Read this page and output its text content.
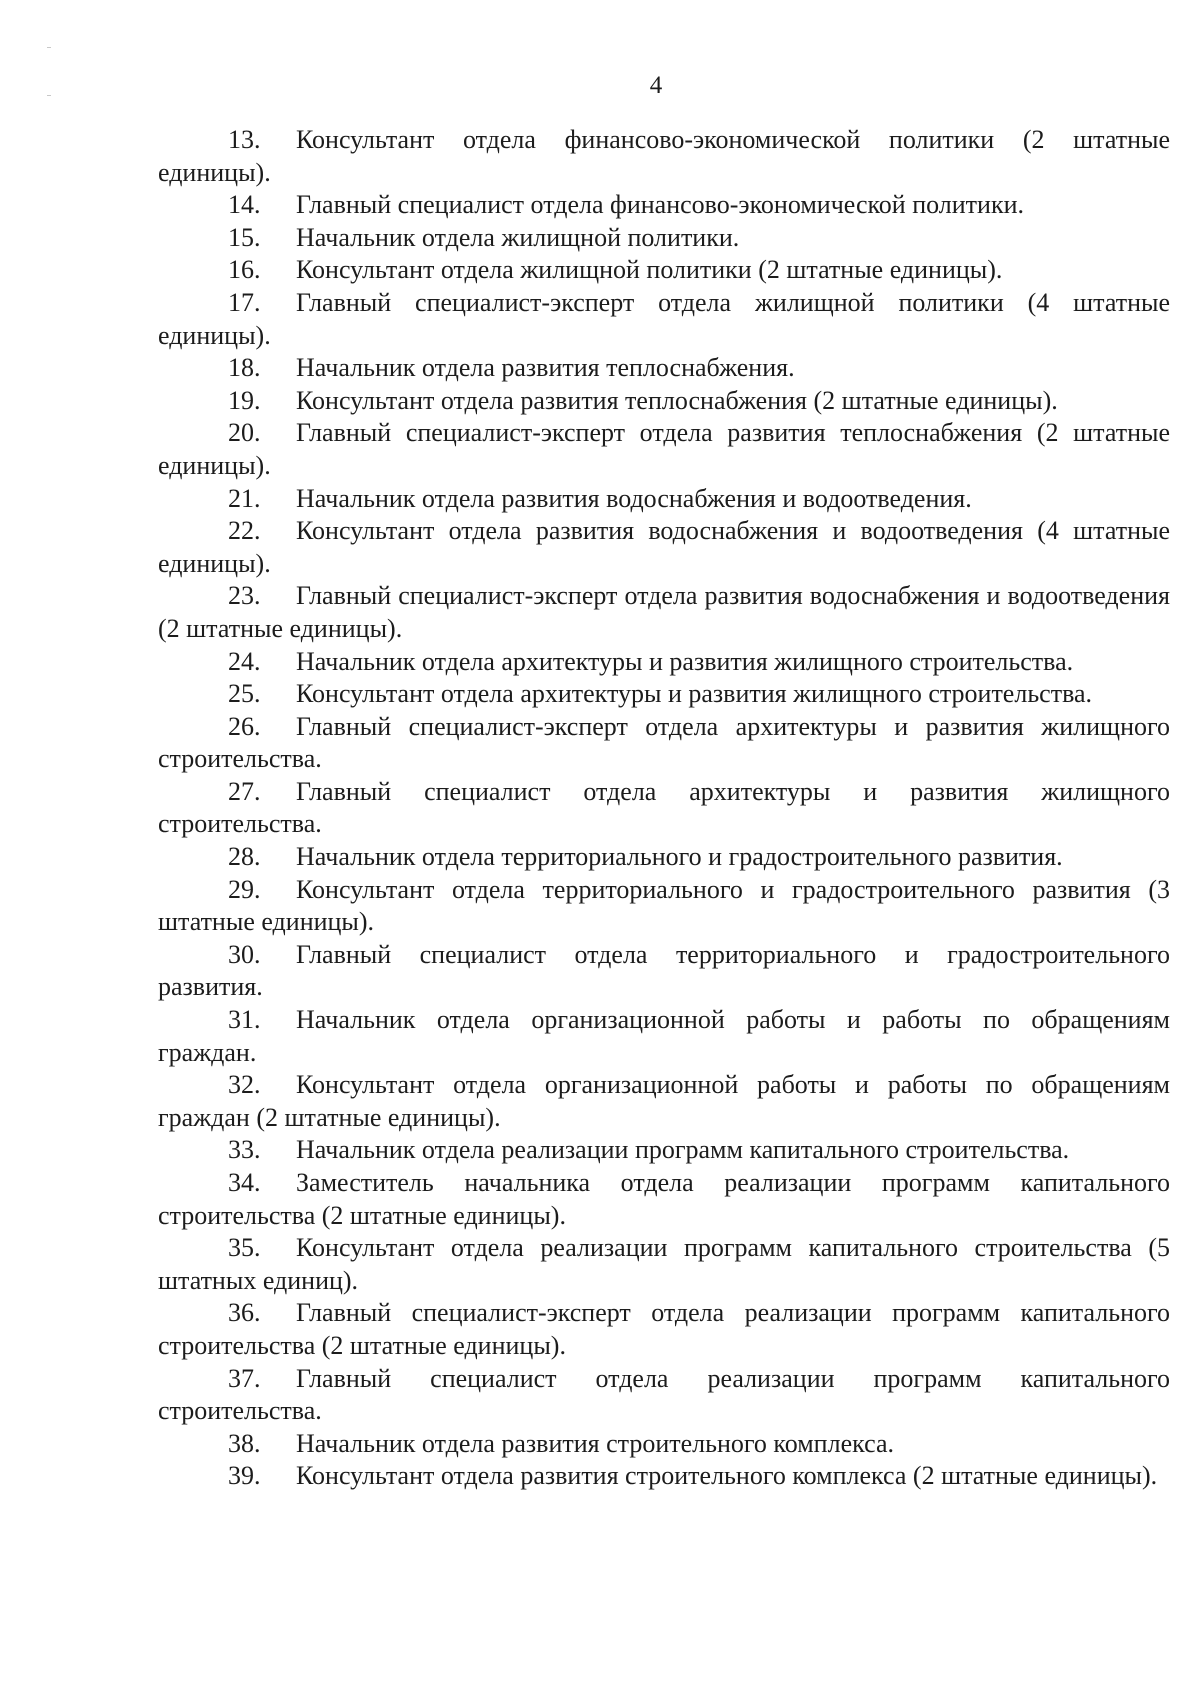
4

13. Консультант отдела финансово-экономической политики (2 штатные единицы).

14. Главный специалист отдела финансово-экономической политики.

15. Начальник отдела жилищной политики.

16. Консультант отдела жилищной политики (2 штатные единицы).

17. Главный специалист-эксперт отдела жилищной политики (4 штатные единицы).

18. Начальник отдела развития теплоснабжения.

19. Консультант отдела развития теплоснабжения (2 штатные единицы).

20. Главный специалист-эксперт отдела развития теплоснабжения (2 штатные единицы).

21. Начальник отдела развития водоснабжения и водоотведения.

22. Консультант отдела развития водоснабжения и водоотведения (4 штатные единицы).

23. Главный специалист-эксперт отдела развития водоснабжения и водоотведения (2 штатные единицы).

24. Начальник отдела архитектуры и развития жилищного строительства.

25. Консультант отдела архитектуры и развития жилищного строительства.

26. Главный специалист-эксперт отдела архитектуры и развития жилищного строительства.

27. Главный специалист отдела архитектуры и развития жилищного строительства.

28. Начальник отдела территориального и градостроительного развития.

29. Консультант отдела территориального и градостроительного развития (3 штатные единицы).

30. Главный специалист отдела территориального и градостроительного развития.

31. Начальник отдела организационной работы и работы по обращениям граждан.

32. Консультант отдела организационной работы и работы по обращениям граждан (2 штатные единицы).

33. Начальник отдела реализации программ капитального строительства.

34. Заместитель начальника отдела реализации программ капитального строительства (2 штатные единицы).

35. Консультант отдела реализации программ капитального строительства (5 штатных единиц).

36. Главный специалист-эксперт отдела реализации программ капитального строительства (2 штатные единицы).

37. Главный специалист отдела реализации программ капитального строительства.

38. Начальник отдела развития строительного комплекса.

39. Консультант отдела развития строительного комплекса (2 штатные единицы).
